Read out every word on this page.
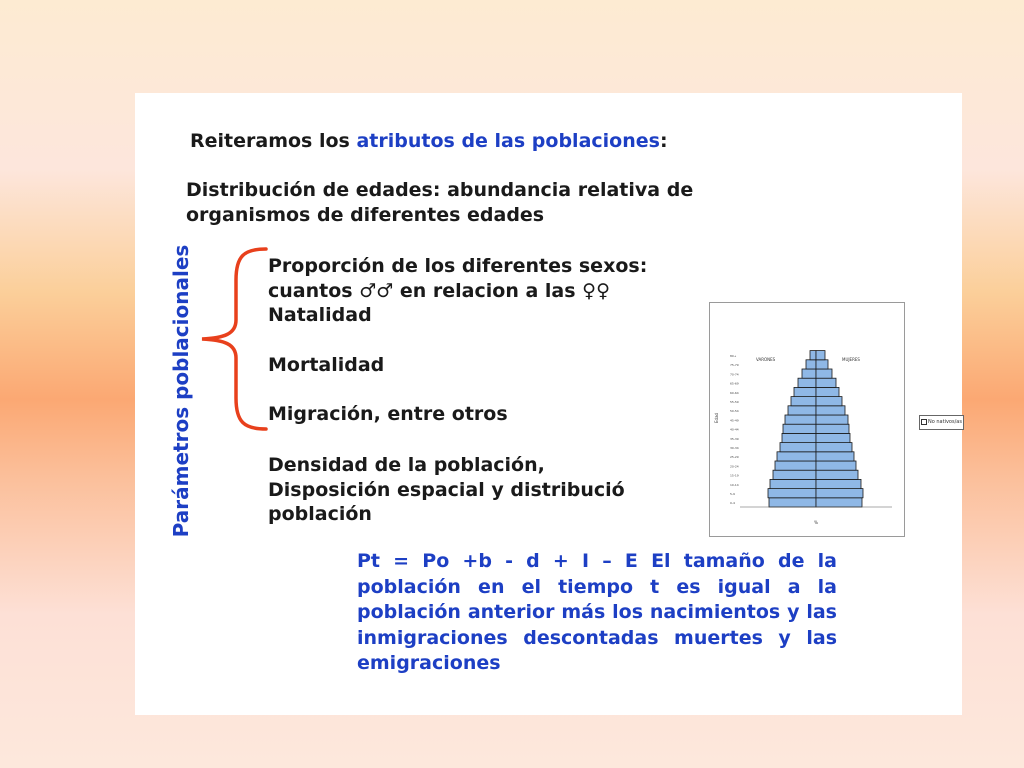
Reiteramos los atributos de las poblaciones:

Distribución de edades: abundancia relativa de

organismos de diferentes edades

Parámetros poblacionales	Proporción de los diferentes sexos:

cuantos ♂♂ en relacion a las ♀♀

Natalidad

Mortalidad

Migración, entre otros

Densidad de la población,

Disposición espacial y distribució

población

VARONES	MUJERES
Edad
0-4
5-9
10-14
15-19
20-24
25-29
30-34
35-39
40-44
45-49
50-54
55-59
60-64
65-69
70-74
75-79
80+
%
No nativos/as

Pt = Po +b - d + I – E El tamaño de la población en el tiempo t es igual a la población anterior más los nacimientos y las inmigraciones descontadas muertes y las emigraciones
